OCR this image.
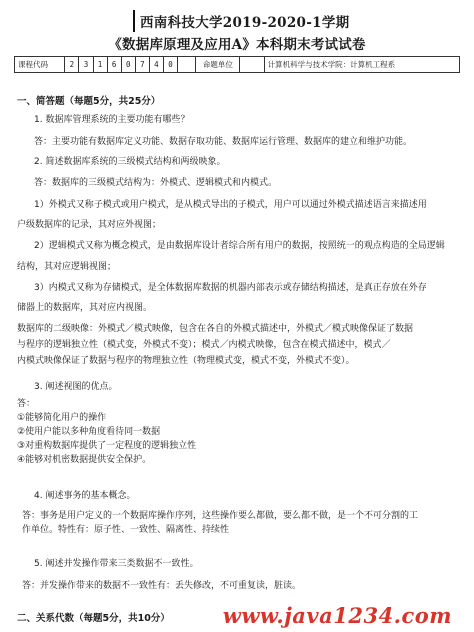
西南科技大学2019-2020-1学期
《数据库原理及应用A》本科期末考试试卷
课程代码	2	3	1	6	0	7	4	0		命题单位		计算机科学与技术学院：计算机工程系
一、简答题（每题5分，共25分）
1. 数据库管理系统的主要功能有哪些？
答：主要功能有数据库定义功能、数据存取功能、数据库运行管理、数据库的建立和维护功能。
2. 简述数据库系统的三级模式结构和两级映象。
答：数据库的三级模式结构为：外模式、逻辑模式和内模式。
1）外模式又称子模式或用户模式，是从模式导出的子模式，用户可以通过外模式描述语言来描述用
户级数据库的记录，其对应外视图；
2）逻辑模式又称为概念模式，是由数据库设计者综合所有用户的数据，按照统一的观点构造的全局逻辑
结构，其对应逻辑视图；
3）内模式又称为存储模式，是全体数据库数据的机器内部表示或存储结构描述，是真正存放在外存
储器上的数据库，其对应内视图。
数据库的二级映像：外模式／模式映像，包含在各自的外模式描述中，外模式／模式映像保证了数据
与程序的逻辑独立性（模式变，外模式不变）；模式／内模式映像，包含在模式描述中，模式／
内模式映像保证了数据与程序的物理独立性（物理模式变，模式不变，外模式不变）。
3. 阐述视图的优点。
答：
①能够简化用户的操作
②使用户能以多种角度看待同一数据
③对重构数据库提供了一定程度的逻辑独立性
④能够对机密数据提供安全保护。
4. 阐述事务的基本概念。
答：事务是用户定义的一个数据库操作序列，这些操作要么都做，要么都不做，是一个不可分割的工
作单位。特性有：原子性、一致性、隔离性、持续性
5. 阐述并发操作带来三类数据不一致性。
答：并发操作带来的数据不一致性有：丢失修改，不可重复读，脏读。
二、关系代数（每题5分，共10分）	www.java1234.com
